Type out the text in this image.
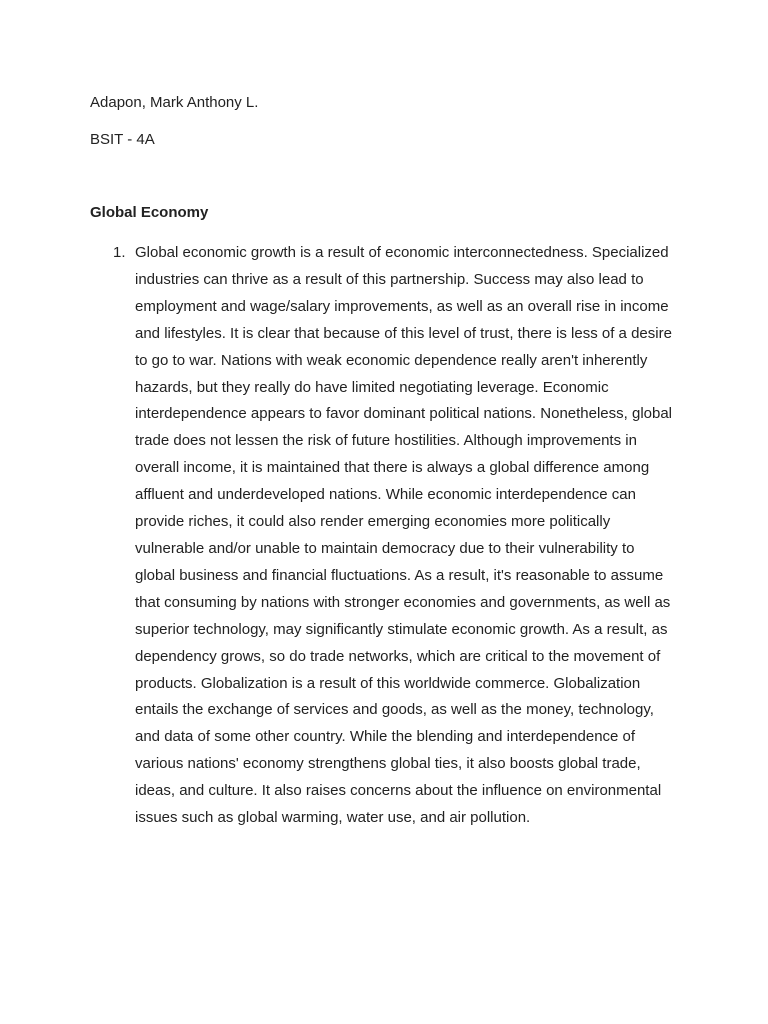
Adapon, Mark Anthony L.
BSIT - 4A
Global Economy
1. Global economic growth is a result of economic interconnectedness. Specialized
industries can thrive as a result of this partnership. Success may also lead to
employment and wage/salary improvements, as well as an overall rise in income
and lifestyles. It is clear that because of this level of trust, there is less of a desire
to go to war. Nations with weak economic dependence really aren't inherently
hazards, but they really do have limited negotiating leverage. Economic
interdependence appears to favor dominant political nations. Nonetheless, global
trade does not lessen the risk of future hostilities. Although improvements in
overall income, it is maintained that there is always a global difference among
affluent and underdeveloped nations. While economic interdependence can
provide riches, it could also render emerging economies more politically
vulnerable and/or unable to maintain democracy due to their vulnerability to
global business and financial fluctuations. As a result, it's reasonable to assume
that consuming by nations with stronger economies and governments, as well as
superior technology, may significantly stimulate economic growth. As a result, as
dependency grows, so do trade networks, which are critical to the movement of
products. Globalization is a result of this worldwide commerce. Globalization
entails the exchange of services and goods, as well as the money, technology,
and data of some other country. While the blending and interdependence of
various nations' economy strengthens global ties, it also boosts global trade,
ideas, and culture. It also raises concerns about the influence on environmental
issues such as global warming, water use, and air pollution.
